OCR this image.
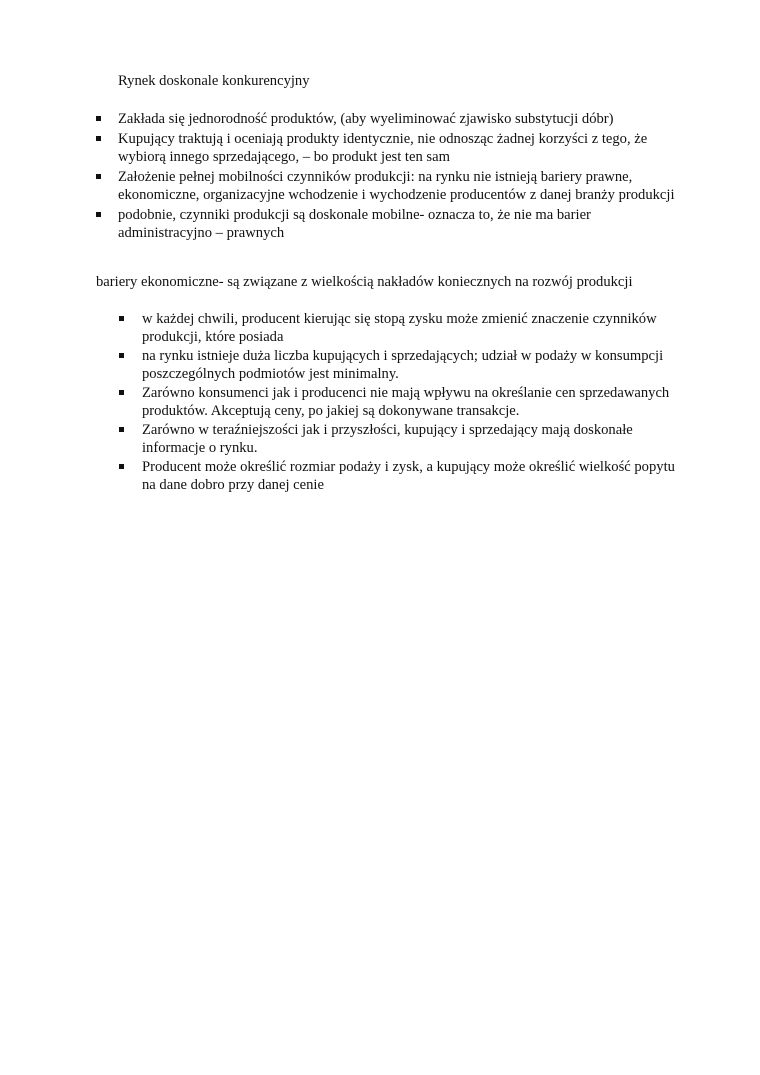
Rynek doskonale konkurencyjny
Zakłada się jednorodność produktów, (aby wyeliminować zjawisko substytucji dóbr)
Kupujący traktują i oceniają produkty identycznie, nie odnosząc żadnej korzyści z tego, że wybiorą innego sprzedającego, – bo produkt jest ten sam
Założenie pełnej mobilności czynników produkcji: na rynku nie istnieją bariery prawne, ekonomiczne, organizacyjne wchodzenie i wychodzenie producentów z danej branży produkcji
podobnie, czynniki produkcji są doskonale mobilne- oznacza to, że nie ma barier administracyjno – prawnych
bariery ekonomiczne- są związane z wielkością nakładów koniecznych na rozwój produkcji
w każdej chwili, producent kierując się stopą zysku może zmienić znaczenie czynników produkcji, które posiada
na rynku istnieje duża liczba kupujących i sprzedających; udział w podaży w konsumpcji poszczególnych podmiotów jest minimalny.
Zarówno konsumenci jak i producenci nie mają wpływu na określanie cen sprzedawanych produktów. Akceptują ceny, po jakiej są dokonywane transakcje.
Zarówno w teraźniejszości jak i przyszłości, kupujący i sprzedający mają doskonałe informacje o rynku.
Producent może określić rozmiar podaży i zysk, a kupujący może określić wielkość popytu na dane dobro przy danej cenie
